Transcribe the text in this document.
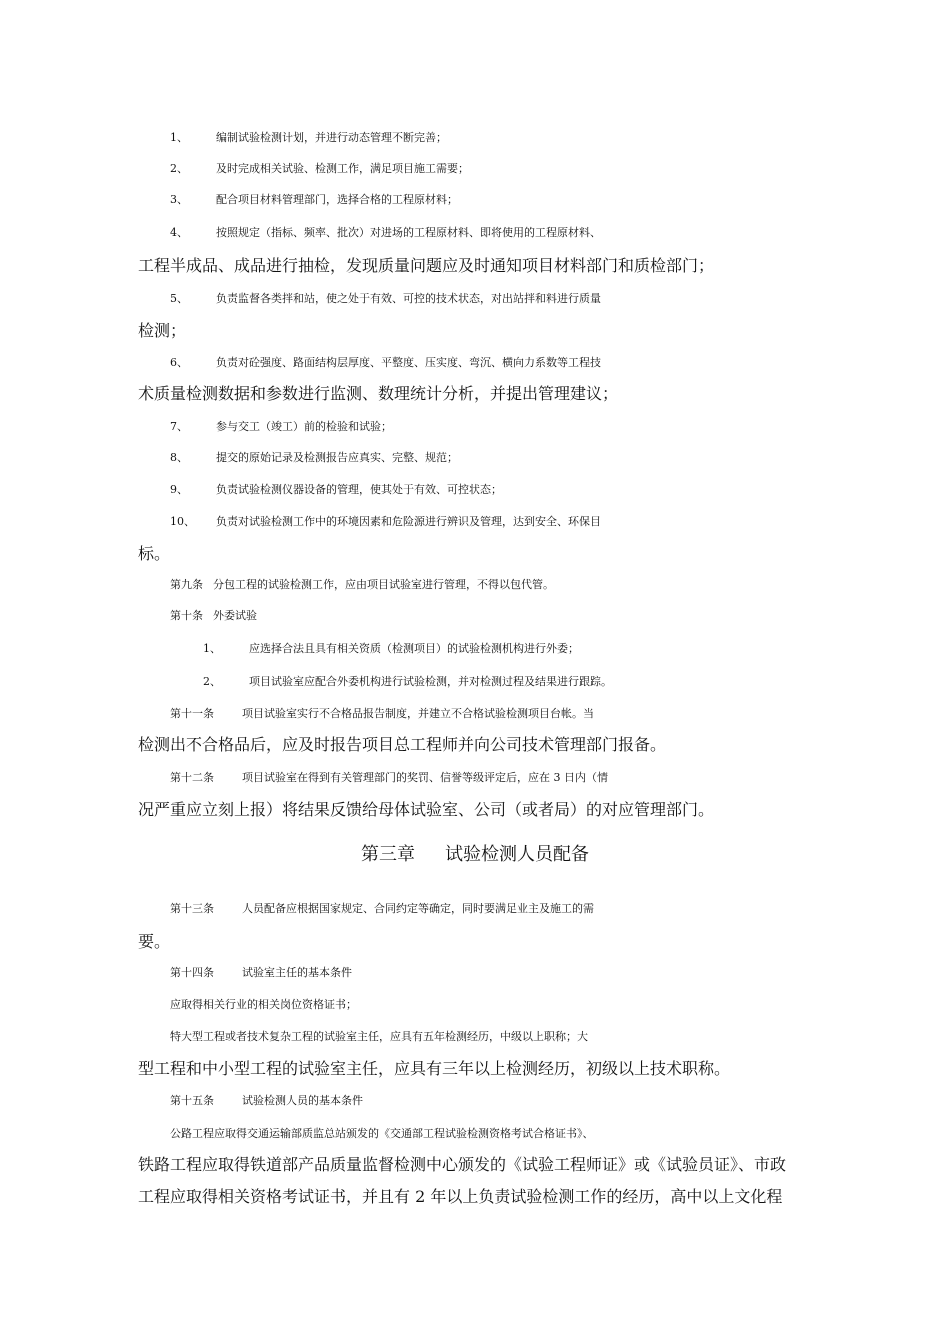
1、	编制试验检测计划，并进行动态管理不断完善；
2、	及时完成相关试验、检测工作，满足项目施工需要；
3、	配合项目材料管理部门，选择合格的工程原材料；
4、	按照规定（指标、频率、批次）对进场的工程原材料、即将使用的工程原材料、
工程半成品、成品进行抽检，发现质量问题应及时通知项目材料部门和质检部门；
5、	负责监督各类拌和站，使之处于有效、可控的技术状态，对出站拌和料进行质量
检测；
6、	负责对砼强度、路面结构层厚度、平整度、压实度、弯沉、横向力系数等工程技
术质量检测数据和参数进行监测、数理统计分析，并提出管理建议；
7、	参与交工（竣工）前的检验和试验；
8、	提交的原始记录及检测报告应真实、完整、规范；
9、	负责试验检测仪器设备的管理，使其处于有效、可控状态；
10、 负责对试验检测工作中的环境因素和危险源进行辨识及管理，达到安全、环保目
标。
第九条 分包工程的试验检测工作，应由项目试验室进行管理，不得以包代管。
第十条 外委试验
1、	应选择合法且具有相关资质（检测项目）的试验检测机构进行外委；
2、	项目试验室应配合外委机构进行试验检测，并对检测过程及结果进行跟踪。
第十一条	项目试验室实行不合格品报告制度，并建立不合格试验检测项目台帐。当
检测出不合格品后，应及时报告项目总工程师并向公司技术管理部门报备。
第十二条	项目试验室在得到有关管理部门的奖罚、信誉等级评定后，应在 3 日内（情
况严重应立刻上报）将结果反馈给母体试验室、公司（或者局）的对应管理部门。
第三章 试验检测人员配备
第十三条	人员配备应根据国家规定、合同约定等确定，同时要满足业主及施工的需
要。
第十四条	试验室主任的基本条件
应取得相关行业的相关岗位资格证书；
特大型工程或者技术复杂工程的试验室主任，应具有五年检测经历，中级以上职称；大
型工程和中小型工程的试验室主任，应具有三年以上检测经历，初级以上技术职称。
第十五条	试验检测人员的基本条件
公路工程应取得交通运输部质监总站颁发的《交通部工程试验检测资格考试合格证书》、
铁路工程应取得铁道部产品质量监督检测中心颁发的《试验工程师证》或《试验员证》、市政
工程应取得相关资格考试证书，并且有 2 年以上负责试验检测工作的经历，高中以上文化程
